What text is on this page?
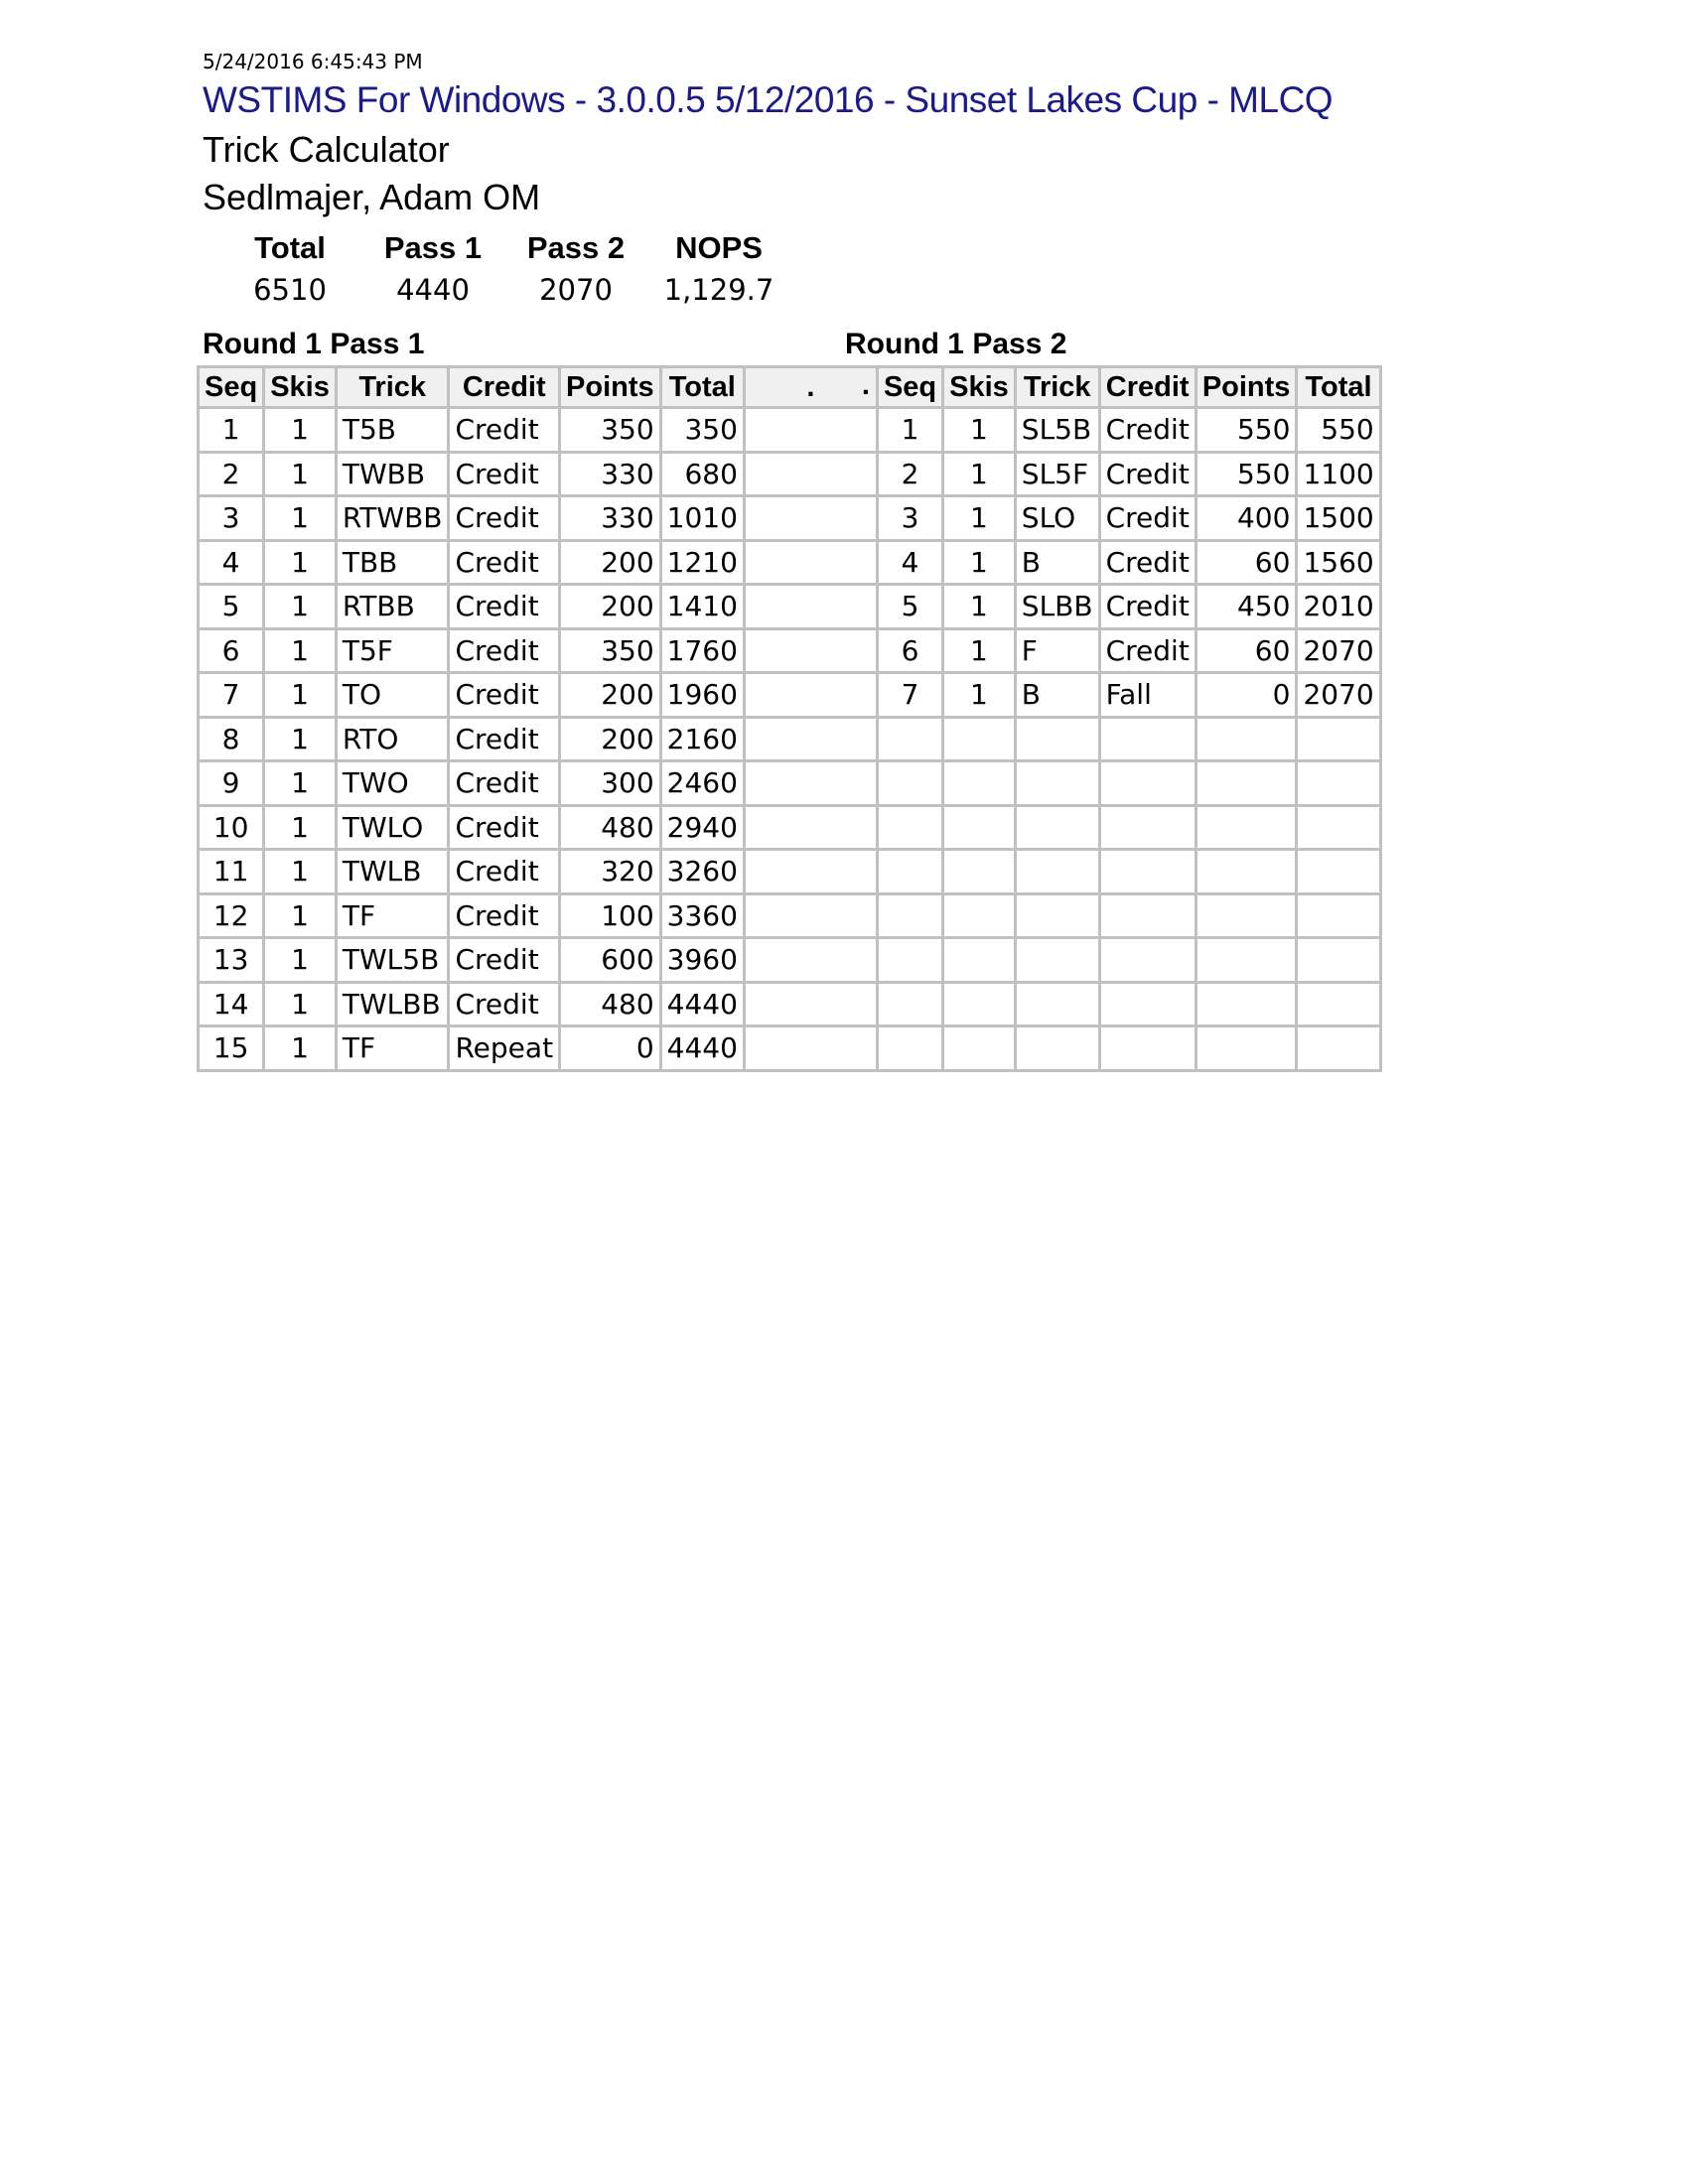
5/24/2016 6:45:43 PM
WSTIMS For Windows - 3.0.0.5 5/12/2016 - Sunset Lakes Cup - MLCQ
Trick Calculator
Sedlmajer, Adam OM
Total	Pass 1	Pass 2	NOPS
6510	4440	2070	1,129.7
Round 1 Pass 1	Round 1 Pass 2
Seq	Skis	Trick	Credit	Points	Total	. .	Seq	Skis	Trick	Credit	Points	Total
1	1	T5B	Credit	350	350		1	1	SL5B	Credit	550	550
2	1	TWBB	Credit	330	680		2	1	SL5F	Credit	550	1100
3	1	RTWBB	Credit	330	1010		3	1	SLO	Credit	400	1500
4	1	TBB	Credit	200	1210		4	1	B	Credit	60	1560
5	1	RTBB	Credit	200	1410		5	1	SLBB	Credit	450	2010
6	1	T5F	Credit	350	1760		6	1	F	Credit	60	2070
7	1	TO	Credit	200	1960		7	1	B	Fall	0	2070
8	1	RTO	Credit	200	2160							
9	1	TWO	Credit	300	2460							
10	1	TWLO	Credit	480	2940							
11	1	TWLB	Credit	320	3260							
12	1	TF	Credit	100	3360							
13	1	TWL5B	Credit	600	3960							
14	1	TWLBB	Credit	480	4440							
15	1	TF	Repeat	0	4440							
